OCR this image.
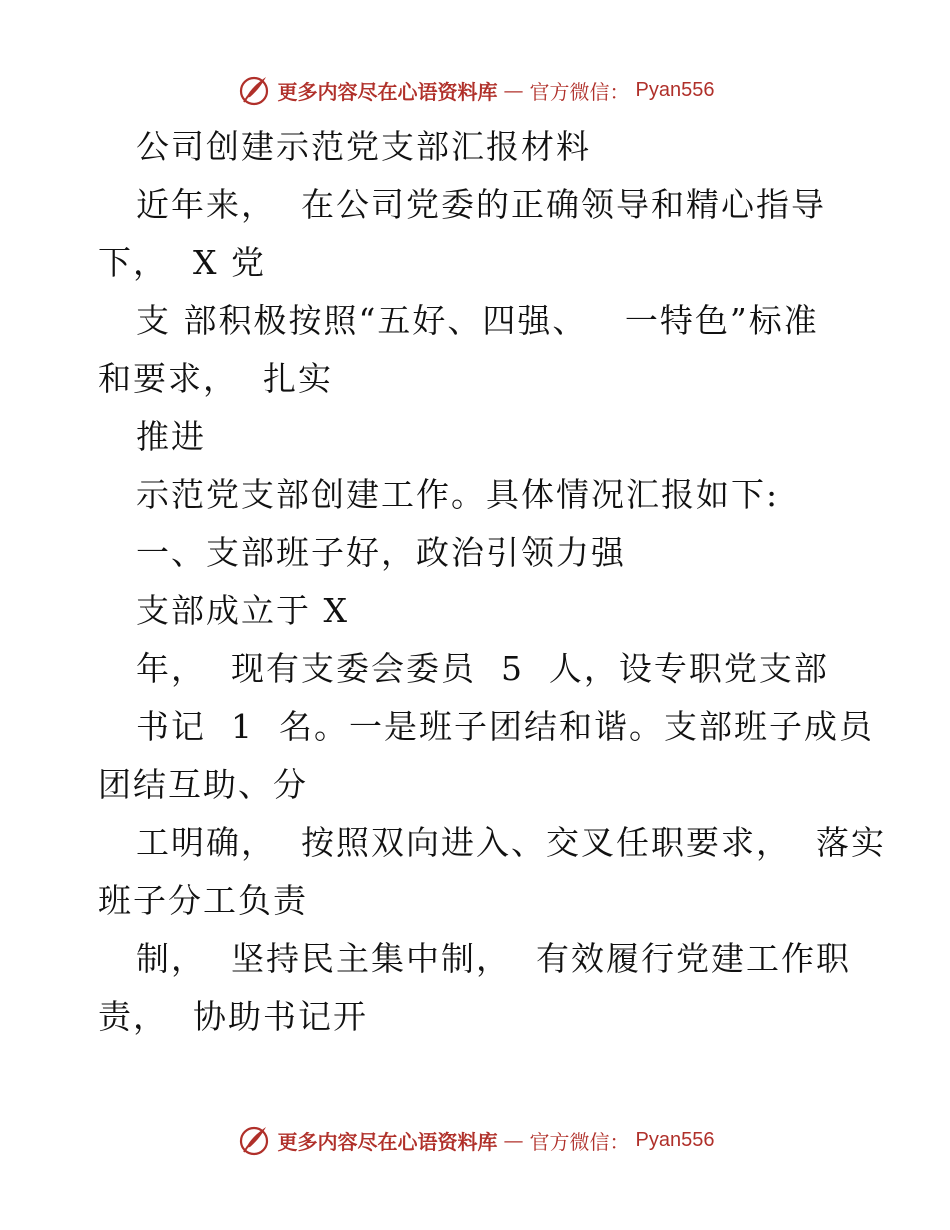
更多内容尽在心语资料库 — 官方微信： Pyan556
公司创建示范党支部汇报材料
近年来，  在公司党委的正确领导和精心指导
下，  X 党
支 部积极按照“五好、四强、   一特色”标准
和要求，  扎实
推进
示范党支部创建工作。具体情况汇报如下:
一、支部班子好，政治引领力强
支部成立于 X
年，  现有支委会委员  5  人，设专职党支部
书记  1  名。一是班子团结和谐。支部班子成员
团结互助、分
工明确，  按照双向进入、交叉任职要求，  落实
班子分工负责
制，  坚持民主集中制，  有效履行党建工作职
责，  协助书记开
更多内容尽在心语资料库 — 官方微信： Pyan556
